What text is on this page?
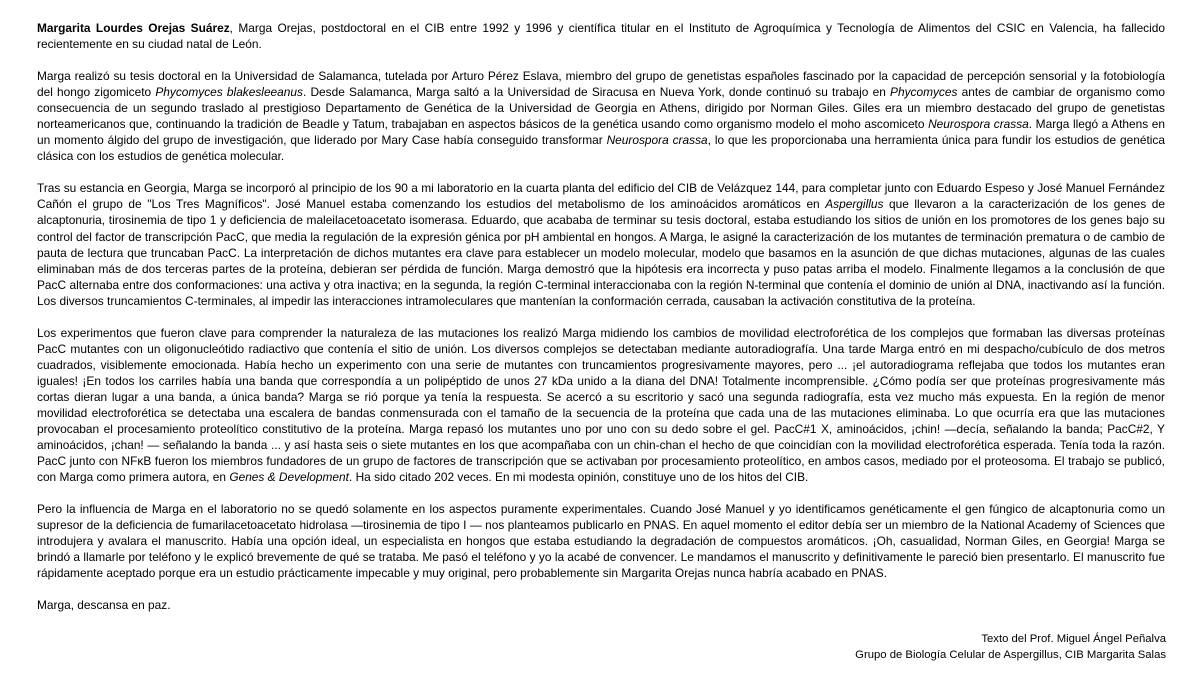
Margarita Lourdes Orejas Suárez, Marga Orejas, postdoctoral en el CIB entre 1992 y 1996 y científica titular en el Instituto de Agroquímica y Tecnología de Alimentos del CSIC en Valencia, ha fallecido recientemente en su ciudad natal de León.

Marga realizó su tesis doctoral en la Universidad de Salamanca, tutelada por Arturo Pérez Eslava, miembro del grupo de genetistas españoles fascinado por la capacidad de percepción sensorial y la fotobiología del hongo zigomiceto Phycomyces blakesleeanus. Desde Salamanca, Marga saltó a la Universidad de Siracusa en Nueva York, donde continuó su trabajo en Phycomyces antes de cambiar de organismo como consecuencia de un segundo traslado al prestigioso Departamento de Genética de la Universidad de Georgia en Athens, dirigido por Norman Giles. Giles era un miembro destacado del grupo de genetistas norteamericanos que, continuando la tradición de Beadle y Tatum, trabajaban en aspectos básicos de la genética usando como organismo modelo el moho ascomiceto Neurospora crassa. Marga llegó a Athens en un momento álgido del grupo de investigación, que liderado por Mary Case había conseguido transformar Neurospora crassa, lo que les proporcionaba una herramienta única para fundir los estudios de genética clásica con los estudios de genética molecular.

Tras su estancia en Georgia, Marga se incorporó al principio de los 90 a mi laboratorio en la cuarta planta del edificio del CIB de Velázquez 144, para completar junto con Eduardo Espeso y José Manuel Fernández Cañón el grupo de "Los Tres Magníficos". José Manuel estaba comenzando los estudios del metabolismo de los aminoácidos aromáticos en Aspergillus que llevaron a la caracterización de los genes de alcaptonuria, tirosinemia de tipo 1 y deficiencia de maleilacetoacetato isomerasa. Eduardo, que acababa de terminar su tesis doctoral, estaba estudiando los sitios de unión en los promotores de los genes bajo su control del factor de transcripción PacC, que media la regulación de la expresión génica por pH ambiental en hongos. A Marga, le asigné la caracterización de los mutantes de terminación prematura o de cambio de pauta de lectura que truncaban PacC. La interpretación de dichos mutantes era clave para establecer un modelo molecular, modelo que basamos en la asunción de que dichas mutaciones, algunas de las cuales eliminaban más de dos terceras partes de la proteína, debieran ser pérdida de función. Marga demostró que la hipótesis era incorrecta y puso patas arriba el modelo. Finalmente llegamos a la conclusión de que PacC alternaba entre dos conformaciones: una activa y otra inactiva; en la segunda, la región C-terminal interaccionaba con la región N-terminal que contenía el dominio de unión al DNA, inactivando así la función. Los diversos truncamientos C-terminales, al impedir las interacciones intramoleculares que mantenían la conformación cerrada, causaban la activación constitutiva de la proteína.

Los experimentos que fueron clave para comprender la naturaleza de las mutaciones los realizó Marga midiendo los cambios de movilidad electroforética de los complejos que formaban las diversas proteínas PacC mutantes con un oligonucleótido radiactivo que contenía el sitio de unión. Los diversos complejos se detectaban mediante autoradiografía. Una tarde Marga entró en mi despacho/cubículo de dos metros cuadrados, visiblemente emocionada. Había hecho un experimento con una serie de mutantes con truncamientos progresivamente mayores, pero ... ¡el autoradiograma reflejaba que todos los mutantes eran iguales! ¡En todos los carriles había una banda que correspondía a un polipéptido de unos 27 kDa unido a la diana del DNA! Totalmente incomprensible. ¿Cómo podía ser que proteínas progresivamente más cortas dieran lugar a una banda, a única banda? Marga se rió porque ya tenía la respuesta. Se acercó a su escritorio y sacó una segunda radiografía, esta vez mucho más expuesta. En la región de menor movilidad electroforética se detectaba una escalera de bandas conmensurada con el tamaño de la secuencia de la proteína que cada una de las mutaciones eliminaba. Lo que ocurría era que las mutaciones provocaban el procesamiento proteolítico constitutivo de la proteína. Marga repasó los mutantes uno por uno con su dedo sobre el gel. PacC#1 X, aminoácidos, ¡chin! —decía, señalando la banda; PacC#2, Y aminoácidos, ¡chan! — señalando la banda ... y así hasta seis o siete mutantes en los que acompañaba con un chin-chan el hecho de que coincidían con la movilidad electroforética esperada. Tenía toda la razón. PacC junto con NFκB fueron los miembros fundadores de un grupo de factores de transcripción que se activaban por procesamiento proteolítico, en ambos casos, mediado por el proteosoma. El trabajo se publicó, con Marga como primera autora, en Genes & Development. Ha sido citado 202 veces. En mi modesta opinión, constituye uno de los hitos del CIB.

Pero la influencia de Marga en el laboratorio no se quedó solamente en los aspectos puramente experimentales. Cuando José Manuel y yo identificamos genéticamente el gen fúngico de alcaptonuria como un supresor de la deficiencia de fumarilacetoacetato hidrolasa —tirosinemia de tipo I — nos planteamos publicarlo en PNAS. En aquel momento el editor debía ser un miembro de la National Academy of Sciences que introdujera y avalara el manuscrito. Había una opción ideal, un especialista en hongos que estaba estudiando la degradación de compuestos aromáticos. ¡Oh, casualidad, Norman Giles, en Georgia! Marga se brindó a llamarle por teléfono y le explicó brevemente de qué se trataba. Me pasó el teléfono y yo la acabé de convencer. Le mandamos el manuscrito y definitivamente le pareció bien presentarlo. El manuscrito fue rápidamente aceptado porque era un estudio prácticamente impecable y muy original, pero probablemente sin Margarita Orejas nunca habría acabado en PNAS.

Marga, descansa en paz.

Texto del Prof. Miguel Ángel Peñalva
Grupo de Biología Celular de Aspergillus, CIB Margarita Salas
